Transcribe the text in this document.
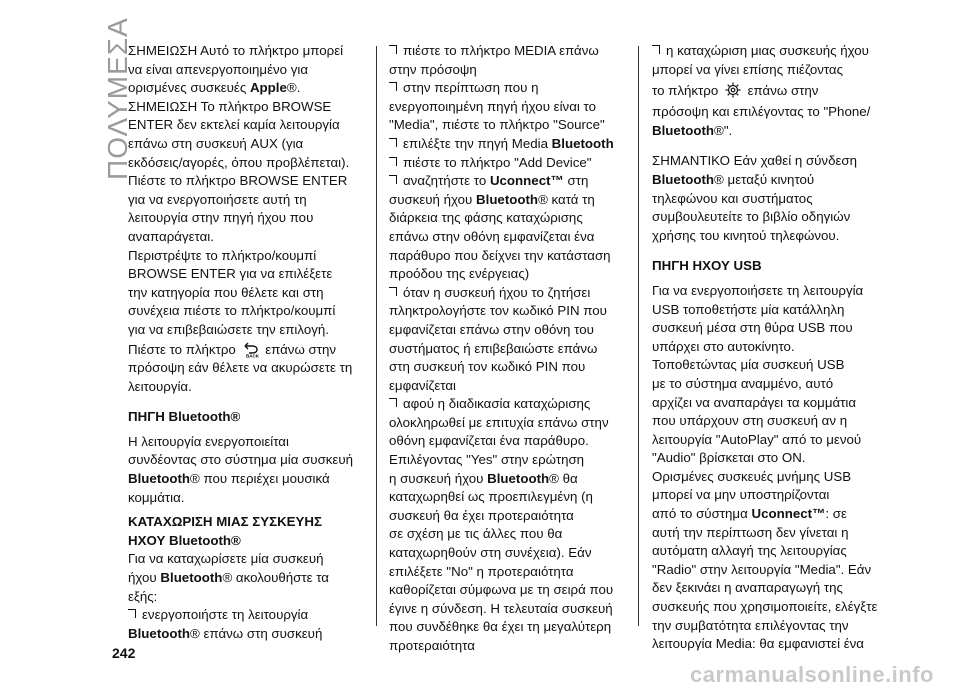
ΠΟΛΥΜΕΣΑ

ΣΗΜΕΙΩΣΗ Αυτό το πλήκτρο μπορεί

να είναι απενεργοποιημένο για

ορισμένες συσκευές Apple®.

ΣΗΜΕΙΩΣΗ Το πλήκτρο BROWSE

ENTER δεν εκτελεί καμία λειτουργία

επάνω στη συσκευή AUX (για

εκδόσεις/αγορές, όπου προβλέπεται).

Πιέστε το πλήκτρο BROWSE ENTER

για να ενεργοποιήσετε αυτή τη

λειτουργία στην πηγή ήχου που

αναπαράγεται.

Περιστρέψτε το πλήκτρο/κουμπί

BROWSE ENTER για να επιλέξετε

την κατηγορία που θέλετε και στη

συνέχεια πιέστε το πλήκτρο/κουμπί

για να επιβεβαιώσετε την επιλογή.

Πιέστε το πλήκτρο BACK επάνω στην

πρόσοψη εάν θέλετε να ακυρώσετε τη

λειτουργία.

ΠΗΓΗ Bluetooth®

Η λειτουργία ενεργοποιείται

συνδέοντας στο σύστημα μία συσκευή

Bluetooth® που περιέχει μουσικά

κομμάτια.

ΚΑΤΑΧΩΡΙΣΗ ΜΙΑΣ ΣΥΣΚΕΥΗΣ

ΗΧΟΥ Bluetooth®

Για να καταχωρίσετε μία συσκευή

ήχου Bluetooth® ακολουθήστε τα

εξής:

ενεργοποιήστε τη λειτουργία

Bluetooth® επάνω στη συσκευή

πιέστε το πλήκτρο MEDIA επάνω

στην πρόσοψη

στην περίπτωση που η

ενεργοποιημένη πηγή ήχου είναι το

"Media", πιέστε το πλήκτρο "Source"

επιλέξτε την πηγή Media Bluetooth

πιέστε το πλήκτρο "Add Device"

αναζητήστε το Uconnect™ στη

συσκευή ήχου Bluetooth® κατά τη

διάρκεια της φάσης καταχώρισης

επάνω στην οθόνη εμφανίζεται ένα

παράθυρο που δείχνει την κατάσταση

προόδου της ενέργειας)

όταν η συσκευή ήχου το ζητήσει

πληκτρολογήστε τον κωδικό PIN που

εμφανίζεται επάνω στην οθόνη του

συστήματος ή επιβεβαιώστε επάνω

στη συσκευή τον κωδικό PIN που

εμφανίζεται

αφού η διαδικασία καταχώρισης

ολοκληρωθεί με επιτυχία επάνω στην

οθόνη εμφανίζεται ένα παράθυρο.

Επιλέγοντας "Yes" στην ερώτηση

η συσκευή ήχου Bluetooth® θα

καταχωρηθεί ως προεπιλεγμένη (η

συσκευή θα έχει προτεραιότητα

σε σχέση με τις άλλες που θα

καταχωρηθούν στη συνέχεια). Εάν

επιλέξετε "No" η προτεραιότητα

καθορίζεται σύμφωνα με τη σειρά που

έγινε η σύνδεση. Η τελευταία συσκευή

που συνδέθηκε θα έχει τη μεγαλύτερη

προτεραιότητα

η καταχώριση μιας συσκευής ήχου

μπορεί να γίνει επίσης πιέζοντας

το πλήκτρο  επάνω στην

πρόσοψη και επιλέγοντας το "Phone/

Bluetooth®".

ΣΗΜΑΝΤΙΚΟ Εάν χαθεί η σύνδεση

Bluetooth® μεταξύ κινητού

τηλεφώνου και συστήματος

συμβουλευτείτε το βιβλίο οδηγιών

χρήσης του κινητού τηλεφώνου.

ΠΗΓΗ ΗΧΟΥ USB

Για να ενεργοποιήσετε τη λειτουργία

USB τοποθετήστε μία κατάλληλη

συσκευή μέσα στη θύρα USB που

υπάρχει στο αυτοκίνητο.

Τοποθετώντας μία συσκευή USB

με το σύστημα αναμμένο, αυτό

αρχίζει να αναπαράγει τα κομμάτια

που υπάρχουν στη συσκευή αν η

λειτουργία "AutoPlay" από το μενού

"Audio" βρίσκεται στο ON.

Ορισμένες συσκευές μνήμης USB

μπορεί να μην υποστηρίζονται

από το σύστημα Uconnect™: σε

αυτή την περίπτωση δεν γίνεται η

αυτόματη αλλαγή της λειτουργίας

"Radio" στην λειτουργία "Media". Εάν

δεν ξεκινάει η αναπαραγωγή της

συσκευής που χρησιμοποιείτε, ελέγξτε

την συμβατότητα επιλέγοντας την

λειτουργία Media: θα εμφανιστεί ένα

242
carmanualsonline.info
